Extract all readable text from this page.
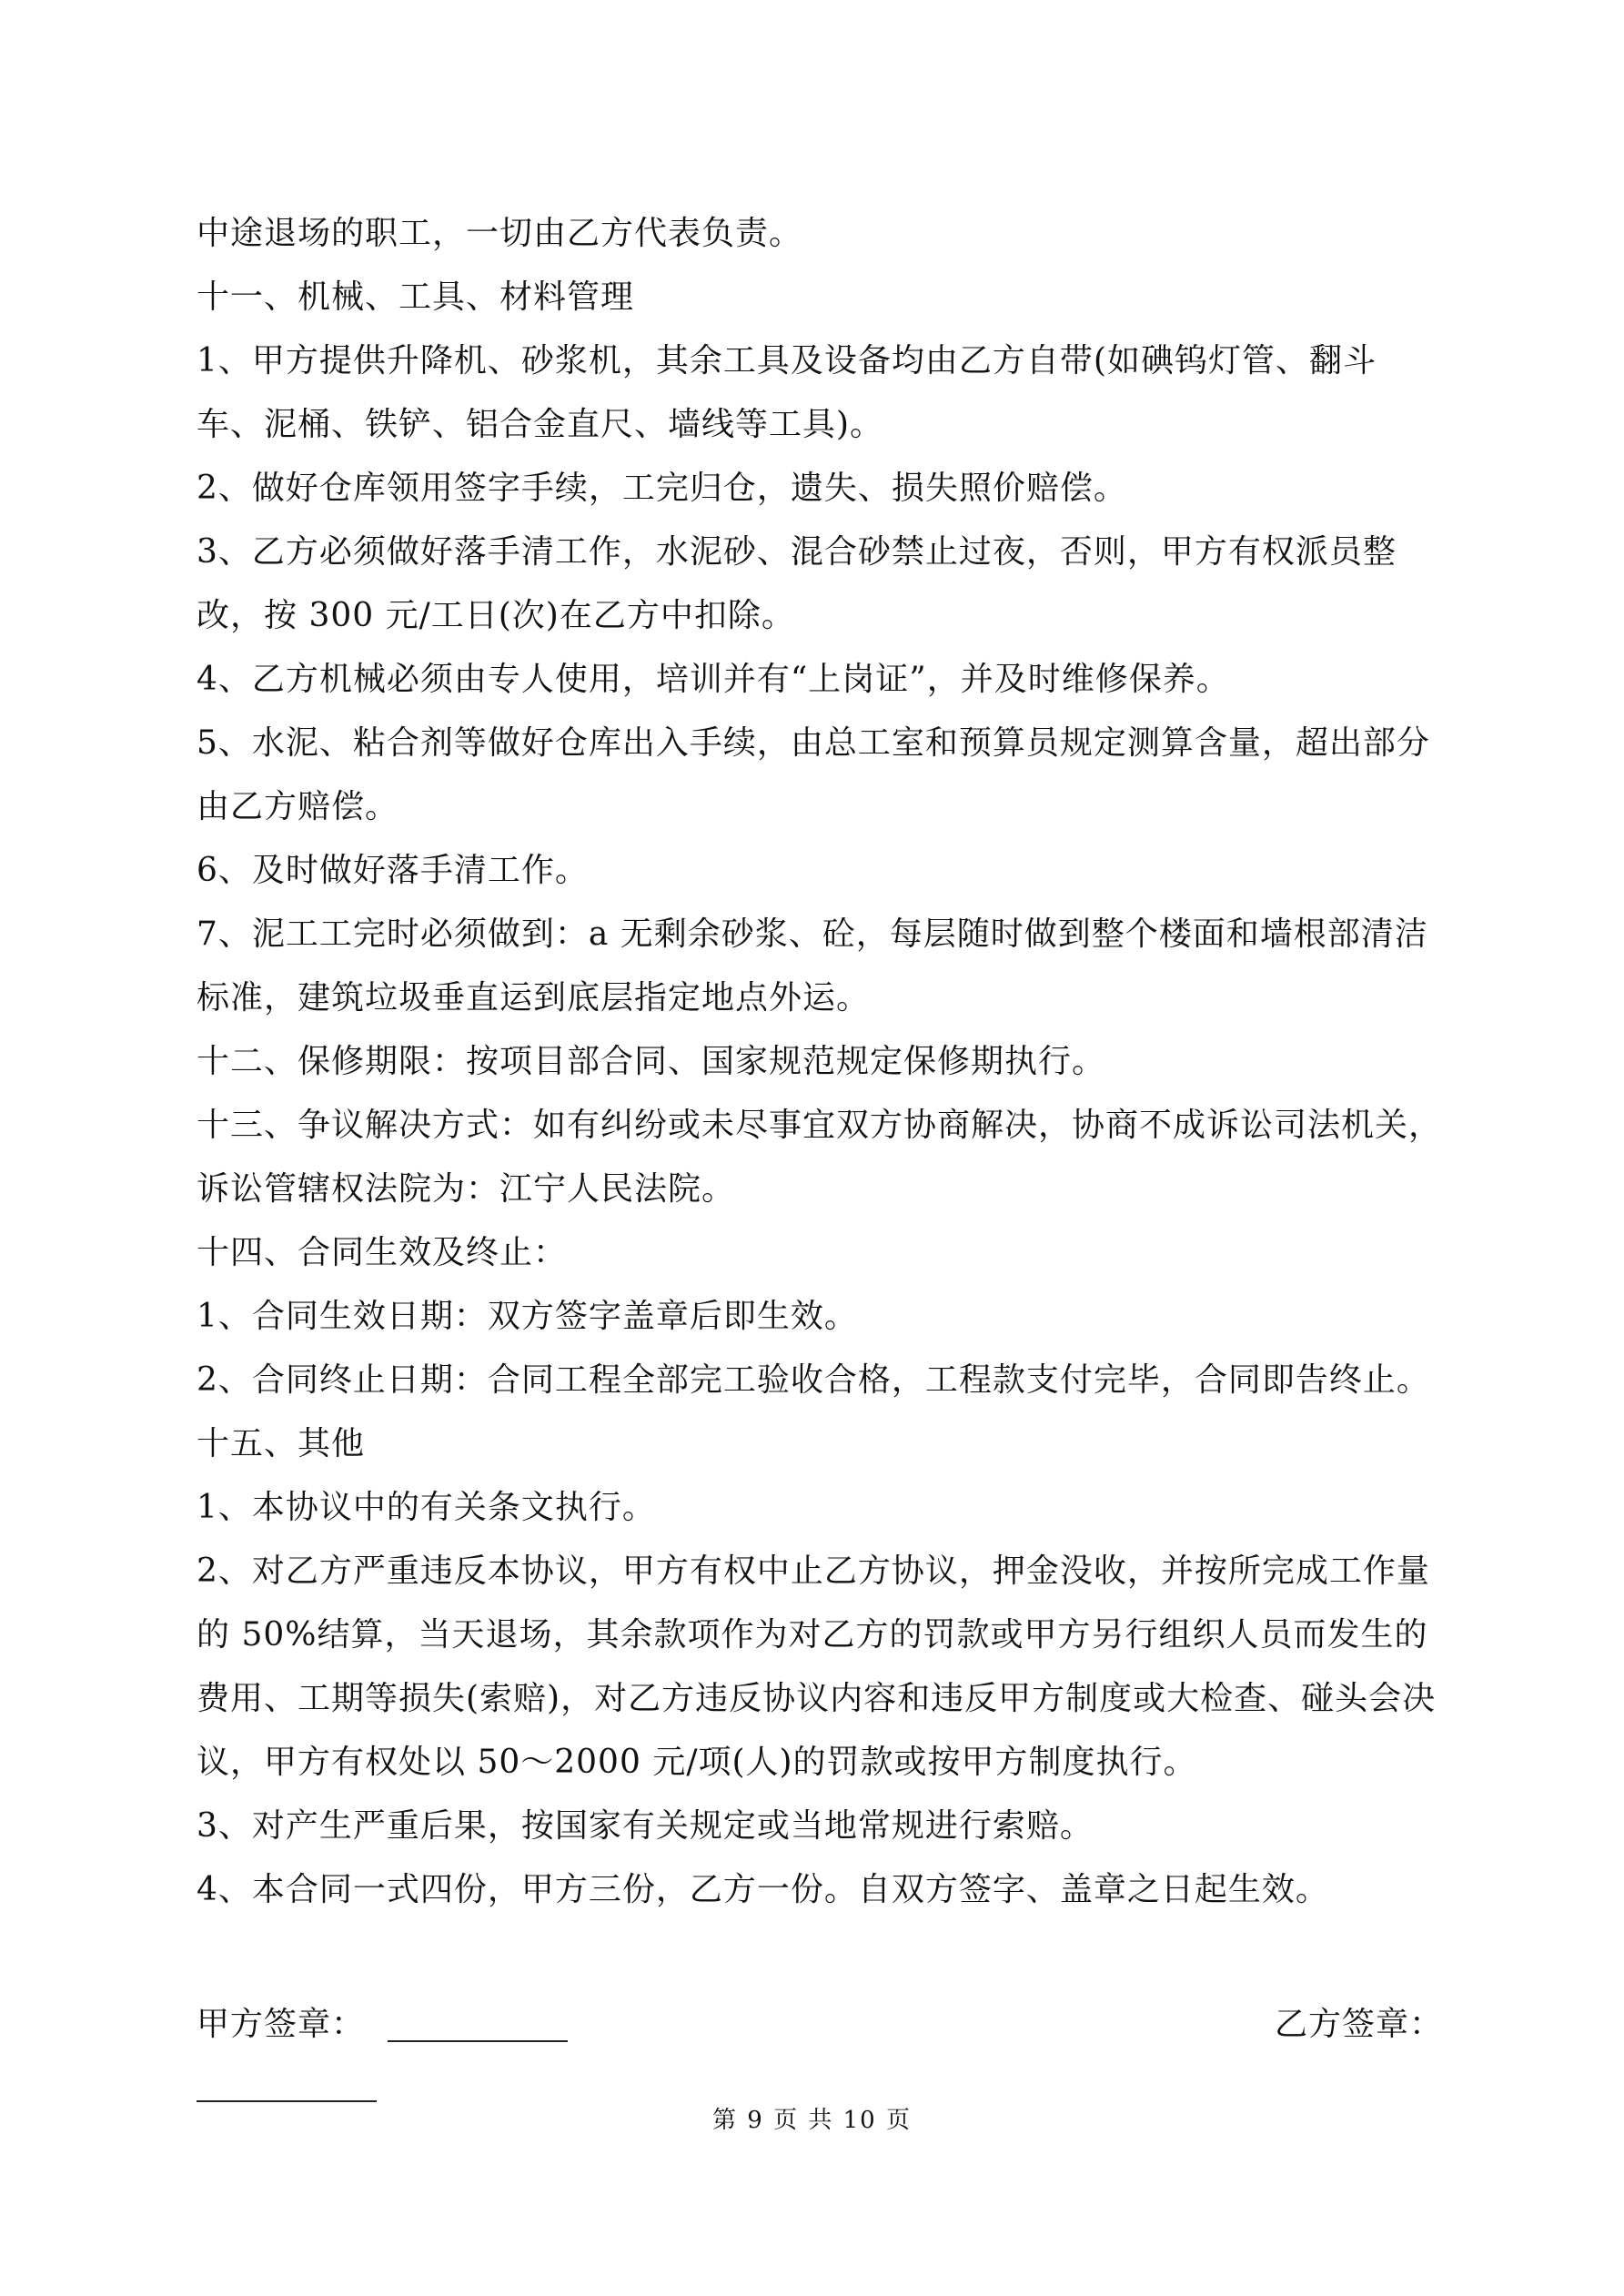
中途退场的职工，一切由乙方代表负责。

十一、机械、工具、材料管理

1、甲方提供升降机、砂浆机，其余工具及设备均由乙方自带(如碘钨灯管、翻斗车、泥桶、铁铲、铝合金直尺、墙线等工具)。

2、做好仓库领用签字手续，工完归仓，遗失、损失照价赔偿。

3、乙方必须做好落手清工作，水泥砂、混合砂禁止过夜，否则，甲方有权派员整改，按 300 元/工日(次)在乙方中扣除。

4、乙方机械必须由专人使用，培训并有“上岗证”，并及时维修保养。

5、水泥、粘合剂等做好仓库出入手续，由总工室和预算员规定测算含量，超出部分由乙方赔偿。

6、及时做好落手清工作。

7、泥工工完时必须做到：a 无剩余砂浆、砼，每层随时做到整个楼面和墙根部清洁标准，建筑垃圾垂直运到底层指定地点外运。

十二、保修期限：按项目部合同、国家规范规定保修期执行。

十三、争议解决方式：如有纠纷或未尽事宜双方协商解决，协商不成诉讼司法机关，诉讼管辖权法院为：江宁人民法院。

十四、合同生效及终止：

1、合同生效日期：双方签字盖章后即生效。

2、合同终止日期：合同工程全部完工验收合格，工程款支付完毕，合同即告终止。

十五、其他

1、本协议中的有关条文执行。

2、对乙方严重违反本协议，甲方有权中止乙方协议，押金没收，并按所完成工作量的 50%结算，当天退场，其余款项作为对乙方的罚款或甲方另行组织人员而发生的费用、工期等损失(索赔)，对乙方违反协议内容和违反甲方制度或大检查、碰头会决议，甲方有权处以 50～2000 元/项(人)的罚款或按甲方制度执行。

3、对产生严重后果，按国家有关规定或当地常规进行索赔。

4、本合同一式四份，甲方三份，乙方一份。自双方签字、盖章之日起生效。

甲方签章：	乙方签章：
第 9 页 共 10 页
